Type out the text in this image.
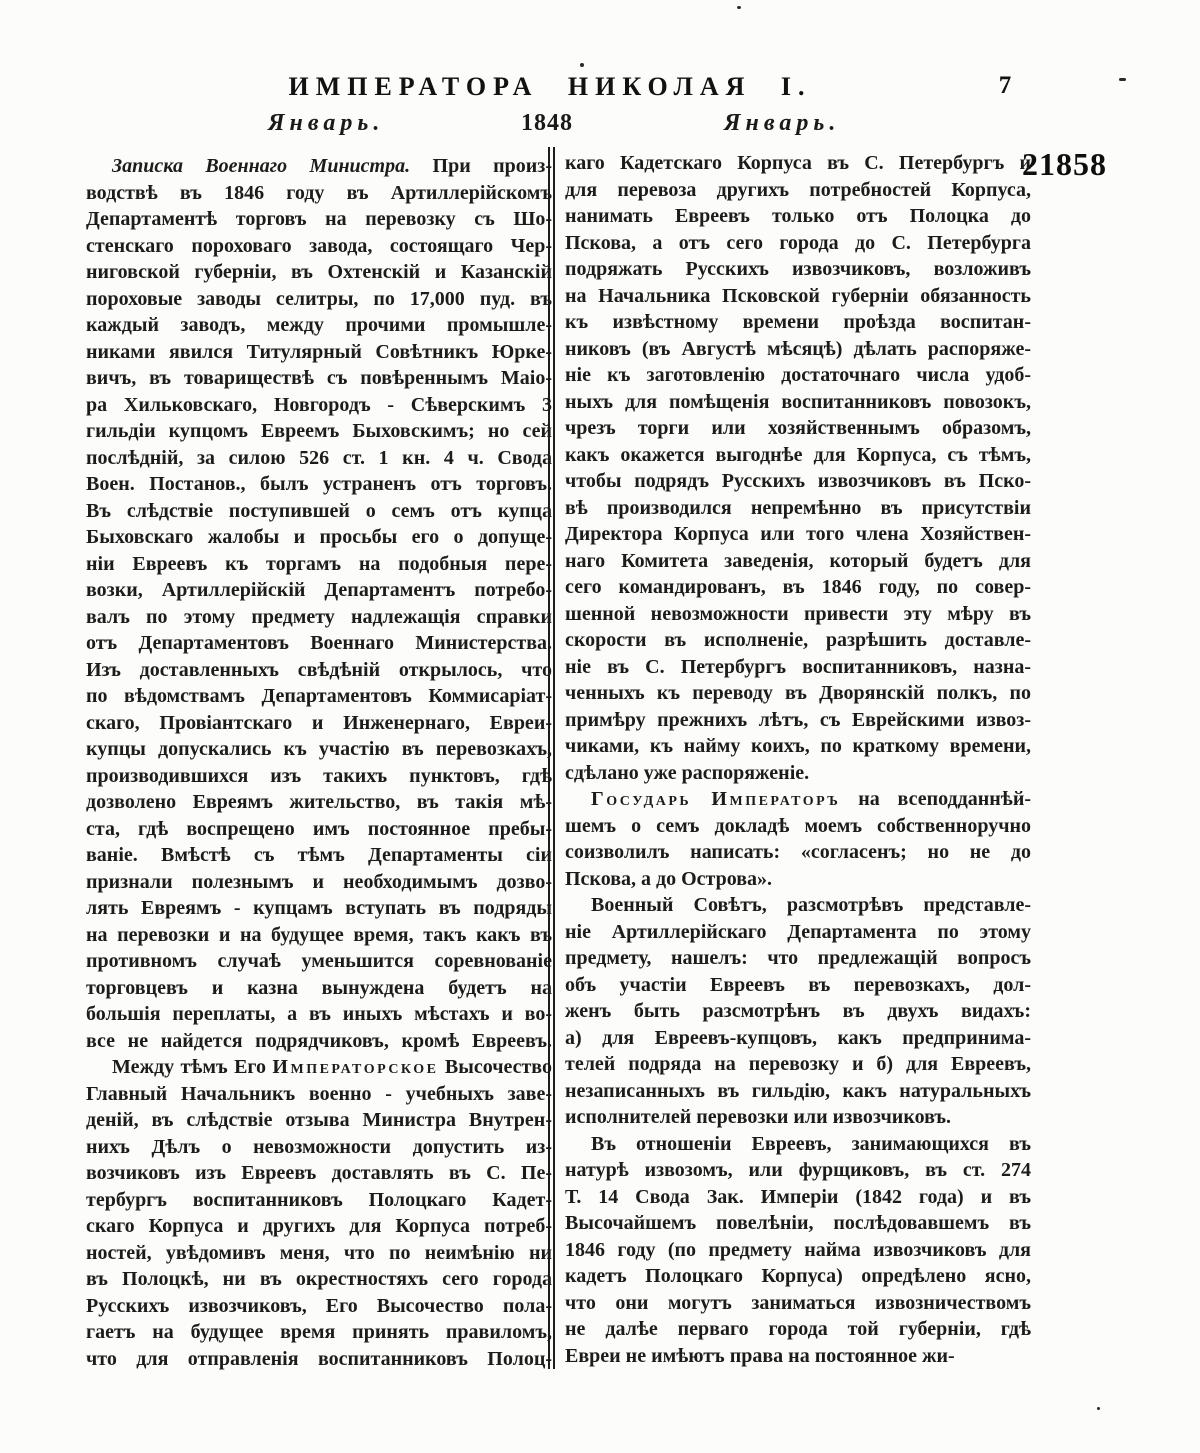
ИМПЕРАТОРА НИКОЛАЯ I.	7
Январь.	1848	Январь.
21858
Записка Военнаго Министра. При произ-
водствѣ въ 1846 году въ Артиллерійскомъ
Департаментѣ торговъ на перевозку съ Шо-
стенскаго пороховаго завода, состоящаго Чер-
ниговской губерніи, въ Охтенскій и Казанскій
пороховые заводы селитры, по 17,000 пуд. въ
каждый заводъ, между прочими промышле-
никами явился Титулярный Совѣтникъ Юрке-
вичъ, въ товариществѣ съ повѣреннымъ Маіо-
ра Хильковскаго, Новгородъ - Сѣверскимъ 3
гильдіи купцомъ Евреемъ Быховскимъ; но сей
послѣдній, за силою 526 ст. 1 кн. 4 ч. Свода
Воен. Постанов., былъ устраненъ отъ торговъ.
Въ слѣдствіе поступившей о семъ отъ купца
Быховскаго жалобы и просьбы его о допуще-
ніи Евреевъ къ торгамъ на подобныя пере-
возки, Артиллерійскій Департаментъ потребо-
валъ по этому предмету надлежащія справки
отъ Департаментовъ Военнаго Министерства.
Изъ доставленныхъ свѣдѣній открылось, что
по вѣдомствамъ Департаментовъ Коммисаріат-
скаго, Провіантскаго и Инженернаго, Евреи-
купцы допускались къ участію въ перевозкахъ,
производившихся изъ такихъ пунктовъ, гдѣ
дозволено Евреямъ жительство, въ такія мѣ-
ста, гдѣ воспрещено имъ постоянное пребы-
ваніе. Вмѣстѣ съ тѣмъ Департаменты сіи
признали полезнымъ и необходимымъ дозво-
лять Евреямъ - купцамъ вступать въ подряды
на перевозки и на будущее время, такъ какъ въ
противномъ случаѣ уменьшится соревнованіе
торговцевъ и казна вынуждена будетъ на
большія переплаты, а въ иныхъ мѣстахъ и во-
все не найдется подрядчиковъ, кромѣ Евреевъ.
Между тѣмъ Его Императорское Высочество
Главный Начальникъ военно - учебныхъ заве-
деній, въ слѣдствіе отзыва Министра Внутрен-
нихъ Дѣлъ о невозможности допустить из-
возчиковъ изъ Евреевъ доставлять въ С. Пе-
тербургъ воспитанниковъ Полоцкаго Кадет-
скаго Корпуса и другихъ для Корпуса потреб-
ностей, увѣдомивъ меня, что по неимѣнію ни
въ Полоцкѣ, ни въ окрестностяхъ сего города
Русскихъ извозчиковъ, Его Высочество пола-
гаетъ на будущее время принять правиломъ,
что для отправленія воспитанниковъ Полоц-
каго Кадетскаго Корпуса въ С. Петербургъ и
для перевоза другихъ потребностей Корпуса,
нанимать Евреевъ только отъ Полоцка до
Пскова, а отъ сего города до С. Петербурга
подряжать Русскихъ извозчиковъ, возложивъ
на Начальника Псковской губерніи обязанность
къ извѣстному времени проѣзда воспитан-
никовъ (въ Августѣ мѣсяцѣ) дѣлать распоряже-
ніе къ заготовленію достаточнаго числа удоб-
ныхъ для помѣщенія воспитанниковъ повозокъ,
чрезъ торги или хозяйственнымъ образомъ,
какъ окажется выгоднѣе для Корпуса, съ тѣмъ,
чтобы подрядъ Русскихъ извозчиковъ въ Пско-
вѣ производился непремѣнно въ присутствіи
Директора Корпуса или того члена Хозяйствен-
наго Комитета заведенія, который будетъ для
сего командированъ, въ 1846 году, по совер-
шенной невозможности привести эту мѣру въ
скорости въ исполненіе, разрѣшить доставле-
ніе въ С. Петербургъ воспитанниковъ, назна-
ченныхъ къ переводу въ Дворянскій полкъ, по
примѣру прежнихъ лѣтъ, съ Еврейскими извоз-
чиками, къ найму коихъ, по краткому времени,
сдѣлано уже распоряженіе.
Государь Императоръ на всеподданнѣй-
шемъ о семъ докладѣ моемъ собственноручно
соизволилъ написать: «согласенъ; но не до
Пскова, а до Острова».
Военный Совѣтъ, разсмотрѣвъ представле-
ніе Артиллерійскаго Департамента по этому
предмету, нашелъ: что предлежащій вопросъ
объ участіи Евреевъ въ перевозкахъ, дол-
женъ быть разсмотрѣнъ въ двухъ видахъ:
а) для Евреевъ-купцовъ, какъ предпринима-
телей подряда на перевозку и б) для Евреевъ,
незаписанныхъ въ гильдію, какъ натуральныхъ
исполнителей перевозки или извозчиковъ.
Въ отношеніи Евреевъ, занимающихся въ
натурѣ извозомъ, или фурщиковъ, въ ст. 274
Т. 14 Свода Зак. Имперіи (1842 года) и въ
Высочайшемъ повелѣніи, послѣдовавшемъ въ
1846 году (по предмету найма извозчиковъ для
кадетъ Полоцкаго Корпуса) опредѣлено ясно,
что они могутъ заниматься извозничествомъ
не далѣе перваго города той губерніи, гдѣ
Евреи не имѣютъ права на постоянное жи-
